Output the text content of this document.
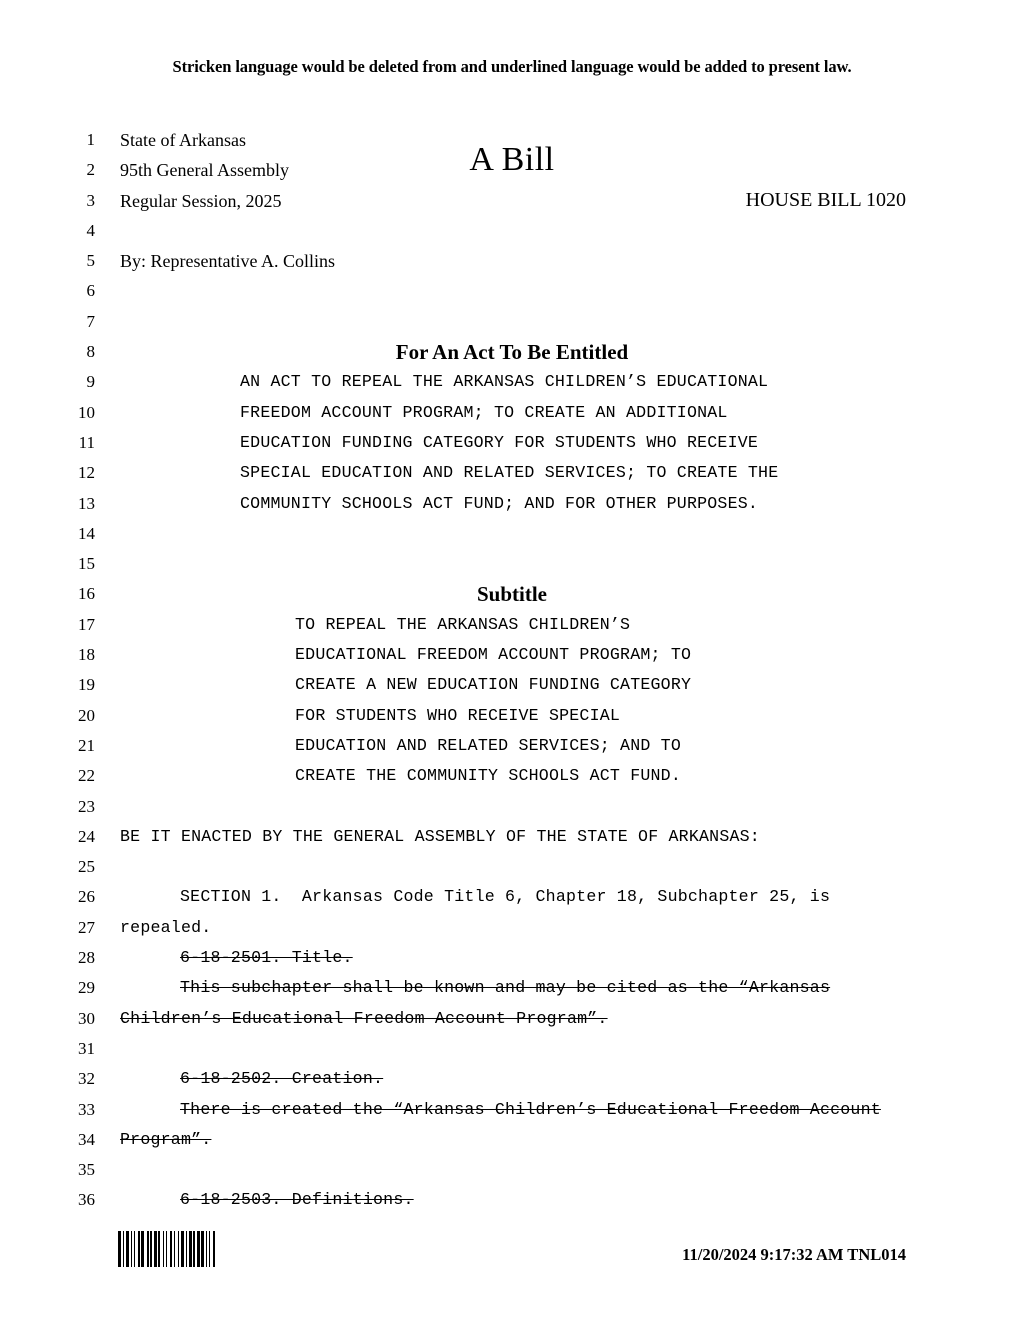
Stricken language would be deleted from and underlined language would be added to present law.
A Bill
HOUSE BILL 1020
1 State of Arkansas
2 95th General Assembly
3 Regular Session, 2025
4
5 By: Representative A. Collins
6
7
8	For An Act To Be Entitled
9	AN ACT TO REPEAL THE ARKANSAS CHILDREN’S EDUCATIONAL
10	FREEDOM ACCOUNT PROGRAM; TO CREATE AN ADDITIONAL
11	EDUCATION FUNDING CATEGORY FOR STUDENTS WHO RECEIVE
12	SPECIAL EDUCATION AND RELATED SERVICES; TO CREATE THE
13	COMMUNITY SCHOOLS ACT FUND; AND FOR OTHER PURPOSES.
14
15
16	Subtitle
17	TO REPEAL THE ARKANSAS CHILDREN’S
18	EDUCATIONAL FREEDOM ACCOUNT PROGRAM; TO
19	CREATE A NEW EDUCATION FUNDING CATEGORY
20	FOR STUDENTS WHO RECEIVE SPECIAL
21	EDUCATION AND RELATED SERVICES; AND TO
22	CREATE THE COMMUNITY SCHOOLS ACT FUND.
23
24 BE IT ENACTED BY THE GENERAL ASSEMBLY OF THE STATE OF ARKANSAS:
25
26	SECTION 1.  Arkansas Code Title 6, Chapter 18, Subchapter 25, is
27 repealed.
28	6-18-2501. Title.
29	This subchapter shall be known and may be cited as the “Arkansas
30 Children’s Educational Freedom Account Program”.
31
32	6-18-2502. Creation.
33	There is created the “Arkansas Children’s Educational Freedom Account
34 Program”.
35
36	6-18-2503. Definitions.
11/20/2024 9:17:32 AM TNL014
